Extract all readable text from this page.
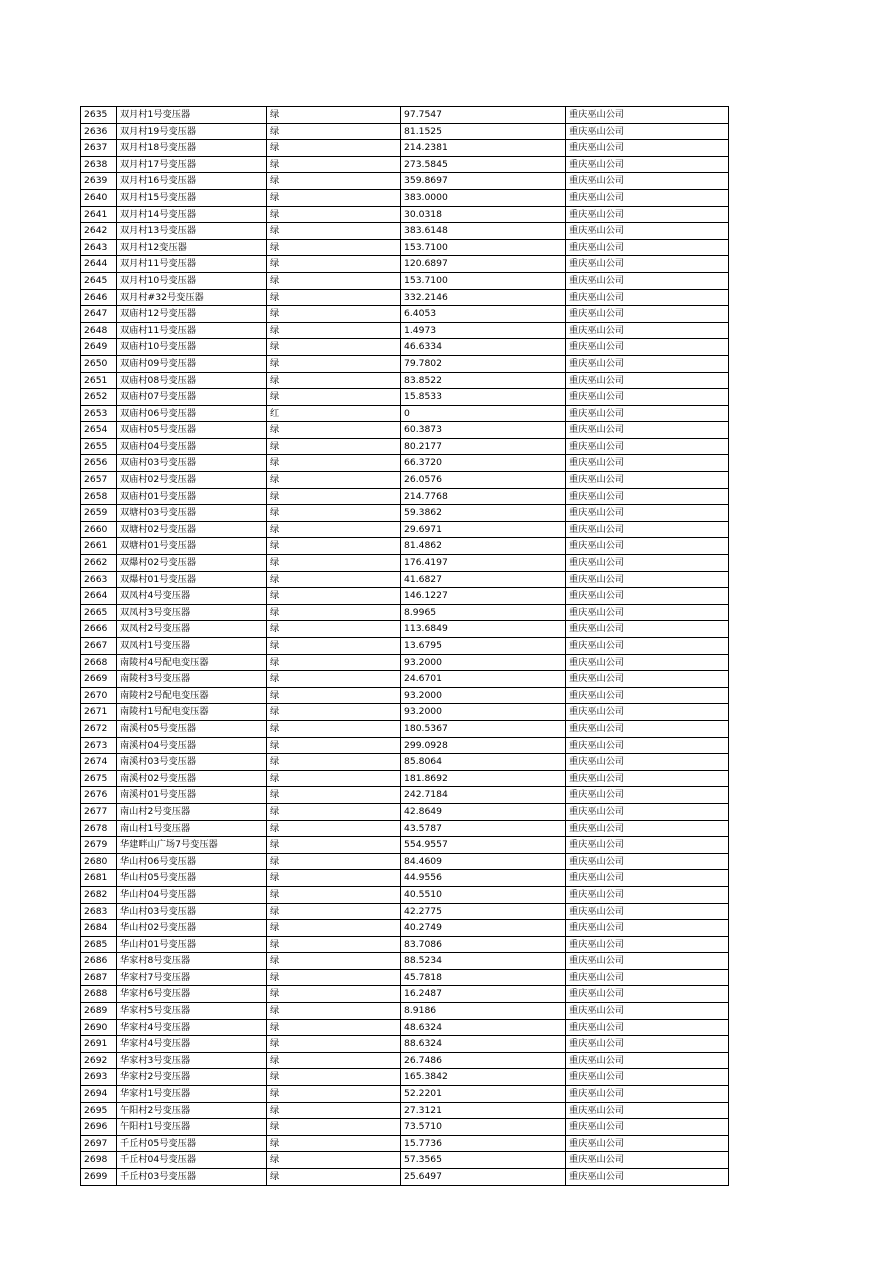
2635	双月村1号变压器	绿	97.7547	重庆巫山公司
2636	双月村19号变压器	绿	81.1525	重庆巫山公司
2637	双月村18号变压器	绿	214.2381	重庆巫山公司
2638	双月村17号变压器	绿	273.5845	重庆巫山公司
2639	双月村16号变压器	绿	359.8697	重庆巫山公司
2640	双月村15号变压器	绿	383.0000	重庆巫山公司
2641	双月村14号变压器	绿	30.0318	重庆巫山公司
2642	双月村13号变压器	绿	383.6148	重庆巫山公司
2643	双月村12变压器	绿	153.7100	重庆巫山公司
2644	双月村11号变压器	绿	120.6897	重庆巫山公司
2645	双月村10号变压器	绿	153.7100	重庆巫山公司
2646	双月村#32号变压器	绿	332.2146	重庆巫山公司
2647	双庙村12号变压器	绿	6.4053	重庆巫山公司
2648	双庙村11号变压器	绿	1.4973	重庆巫山公司
2649	双庙村10号变压器	绿	46.6334	重庆巫山公司
2650	双庙村09号变压器	绿	79.7802	重庆巫山公司
2651	双庙村08号变压器	绿	83.8522	重庆巫山公司
2652	双庙村07号变压器	绿	15.8533	重庆巫山公司
2653	双庙村06号变压器	红	0	重庆巫山公司
2654	双庙村05号变压器	绿	60.3873	重庆巫山公司
2655	双庙村04号变压器	绿	80.2177	重庆巫山公司
2656	双庙村03号变压器	绿	66.3720	重庆巫山公司
2657	双庙村02号变压器	绿	26.0576	重庆巫山公司
2658	双庙村01号变压器	绿	214.7768	重庆巫山公司
2659	双塘村03号变压器	绿	59.3862	重庆巫山公司
2660	双塘村02号变压器	绿	29.6971	重庆巫山公司
2661	双塘村01号变压器	绿	81.4862	重庆巫山公司
2662	双爆村02号变压器	绿	176.4197	重庆巫山公司
2663	双爆村01号变压器	绿	41.6827	重庆巫山公司
2664	双凤村4号变压器	绿	146.1227	重庆巫山公司
2665	双凤村3号变压器	绿	8.9965	重庆巫山公司
2666	双凤村2号变压器	绿	113.6849	重庆巫山公司
2667	双凤村1号变压器	绿	13.6795	重庆巫山公司
2668	南陵村4号配电变压器	绿	93.2000	重庆巫山公司
2669	南陵村3号变压器	绿	24.6701	重庆巫山公司
2670	南陵村2号配电变压器	绿	93.2000	重庆巫山公司
2671	南陵村1号配电变压器	绿	93.2000	重庆巫山公司
2672	南溪村05号变压器	绿	180.5367	重庆巫山公司
2673	南溪村04号变压器	绿	299.0928	重庆巫山公司
2674	南溪村03号变压器	绿	85.8064	重庆巫山公司
2675	南溪村02号变压器	绿	181.8692	重庆巫山公司
2676	南溪村01号变压器	绿	242.7184	重庆巫山公司
2677	南山村2号变压器	绿	42.8649	重庆巫山公司
2678	南山村1号变压器	绿	43.5787	重庆巫山公司
2679	华建畔山广场7号变压器	绿	554.9557	重庆巫山公司
2680	华山村06号变压器	绿	84.4609	重庆巫山公司
2681	华山村05号变压器	绿	44.9556	重庆巫山公司
2682	华山村04号变压器	绿	40.5510	重庆巫山公司
2683	华山村03号变压器	绿	42.2775	重庆巫山公司
2684	华山村02号变压器	绿	40.2749	重庆巫山公司
2685	华山村01号变压器	绿	83.7086	重庆巫山公司
2686	华家村8号变压器	绿	88.5234	重庆巫山公司
2687	华家村7号变压器	绿	45.7818	重庆巫山公司
2688	华家村6号变压器	绿	16.2487	重庆巫山公司
2689	华家村5号变压器	绿	8.9186	重庆巫山公司
2690	华家村4号变压器	绿	48.6324	重庆巫山公司
2691	华家村4号变压器	绿	88.6324	重庆巫山公司
2692	华家村3号变压器	绿	26.7486	重庆巫山公司
2693	华家村2号变压器	绿	165.3842	重庆巫山公司
2694	华家村1号变压器	绿	52.2201	重庆巫山公司
2695	午阳村2号变压器	绿	27.3121	重庆巫山公司
2696	午阳村1号变压器	绿	73.5710	重庆巫山公司
2697	千丘村05号变压器	绿	15.7736	重庆巫山公司
2698	千丘村04号变压器	绿	57.3565	重庆巫山公司
2699	千丘村03号变压器	绿	25.6497	重庆巫山公司
